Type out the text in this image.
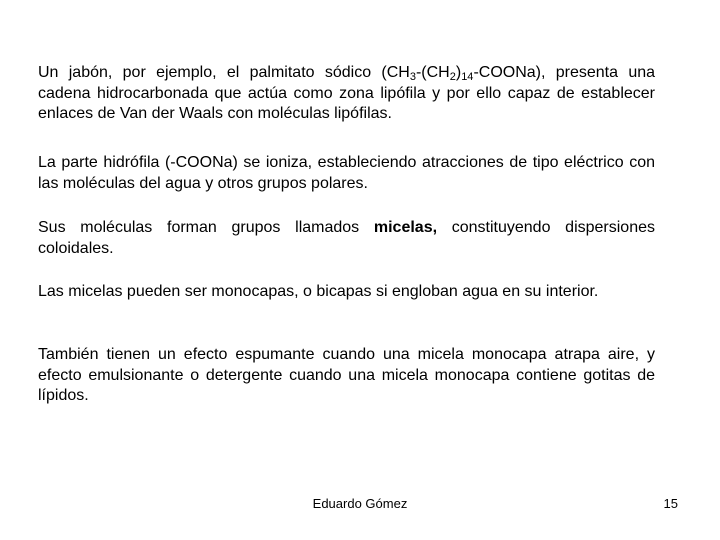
Un jabón, por ejemplo, el palmitato sódico $(CH_3-(CH_2)_{14}-COONa)$, presenta una cadena hidrocarbonada que actúa como zona lipófila y por ello capaz de establecer enlaces de Van der Waals con moléculas lipófilas.

La parte hidrófila (-COONa) se ioniza, estableciendo atracciones de tipo eléctrico con las moléculas del agua y otros grupos polares.

Sus moléculas forman grupos llamados micelas, constituyendo dispersiones coloidales.

Las micelas pueden ser monocapas, o bicapas si engloban agua en su interior.

También tienen un efecto espumante cuando una micela monocapa atrapa aire, y efecto emulsionante o detergente cuando una micela monocapa contiene gotitas de lípidos.

Eduardo Gómez	15
